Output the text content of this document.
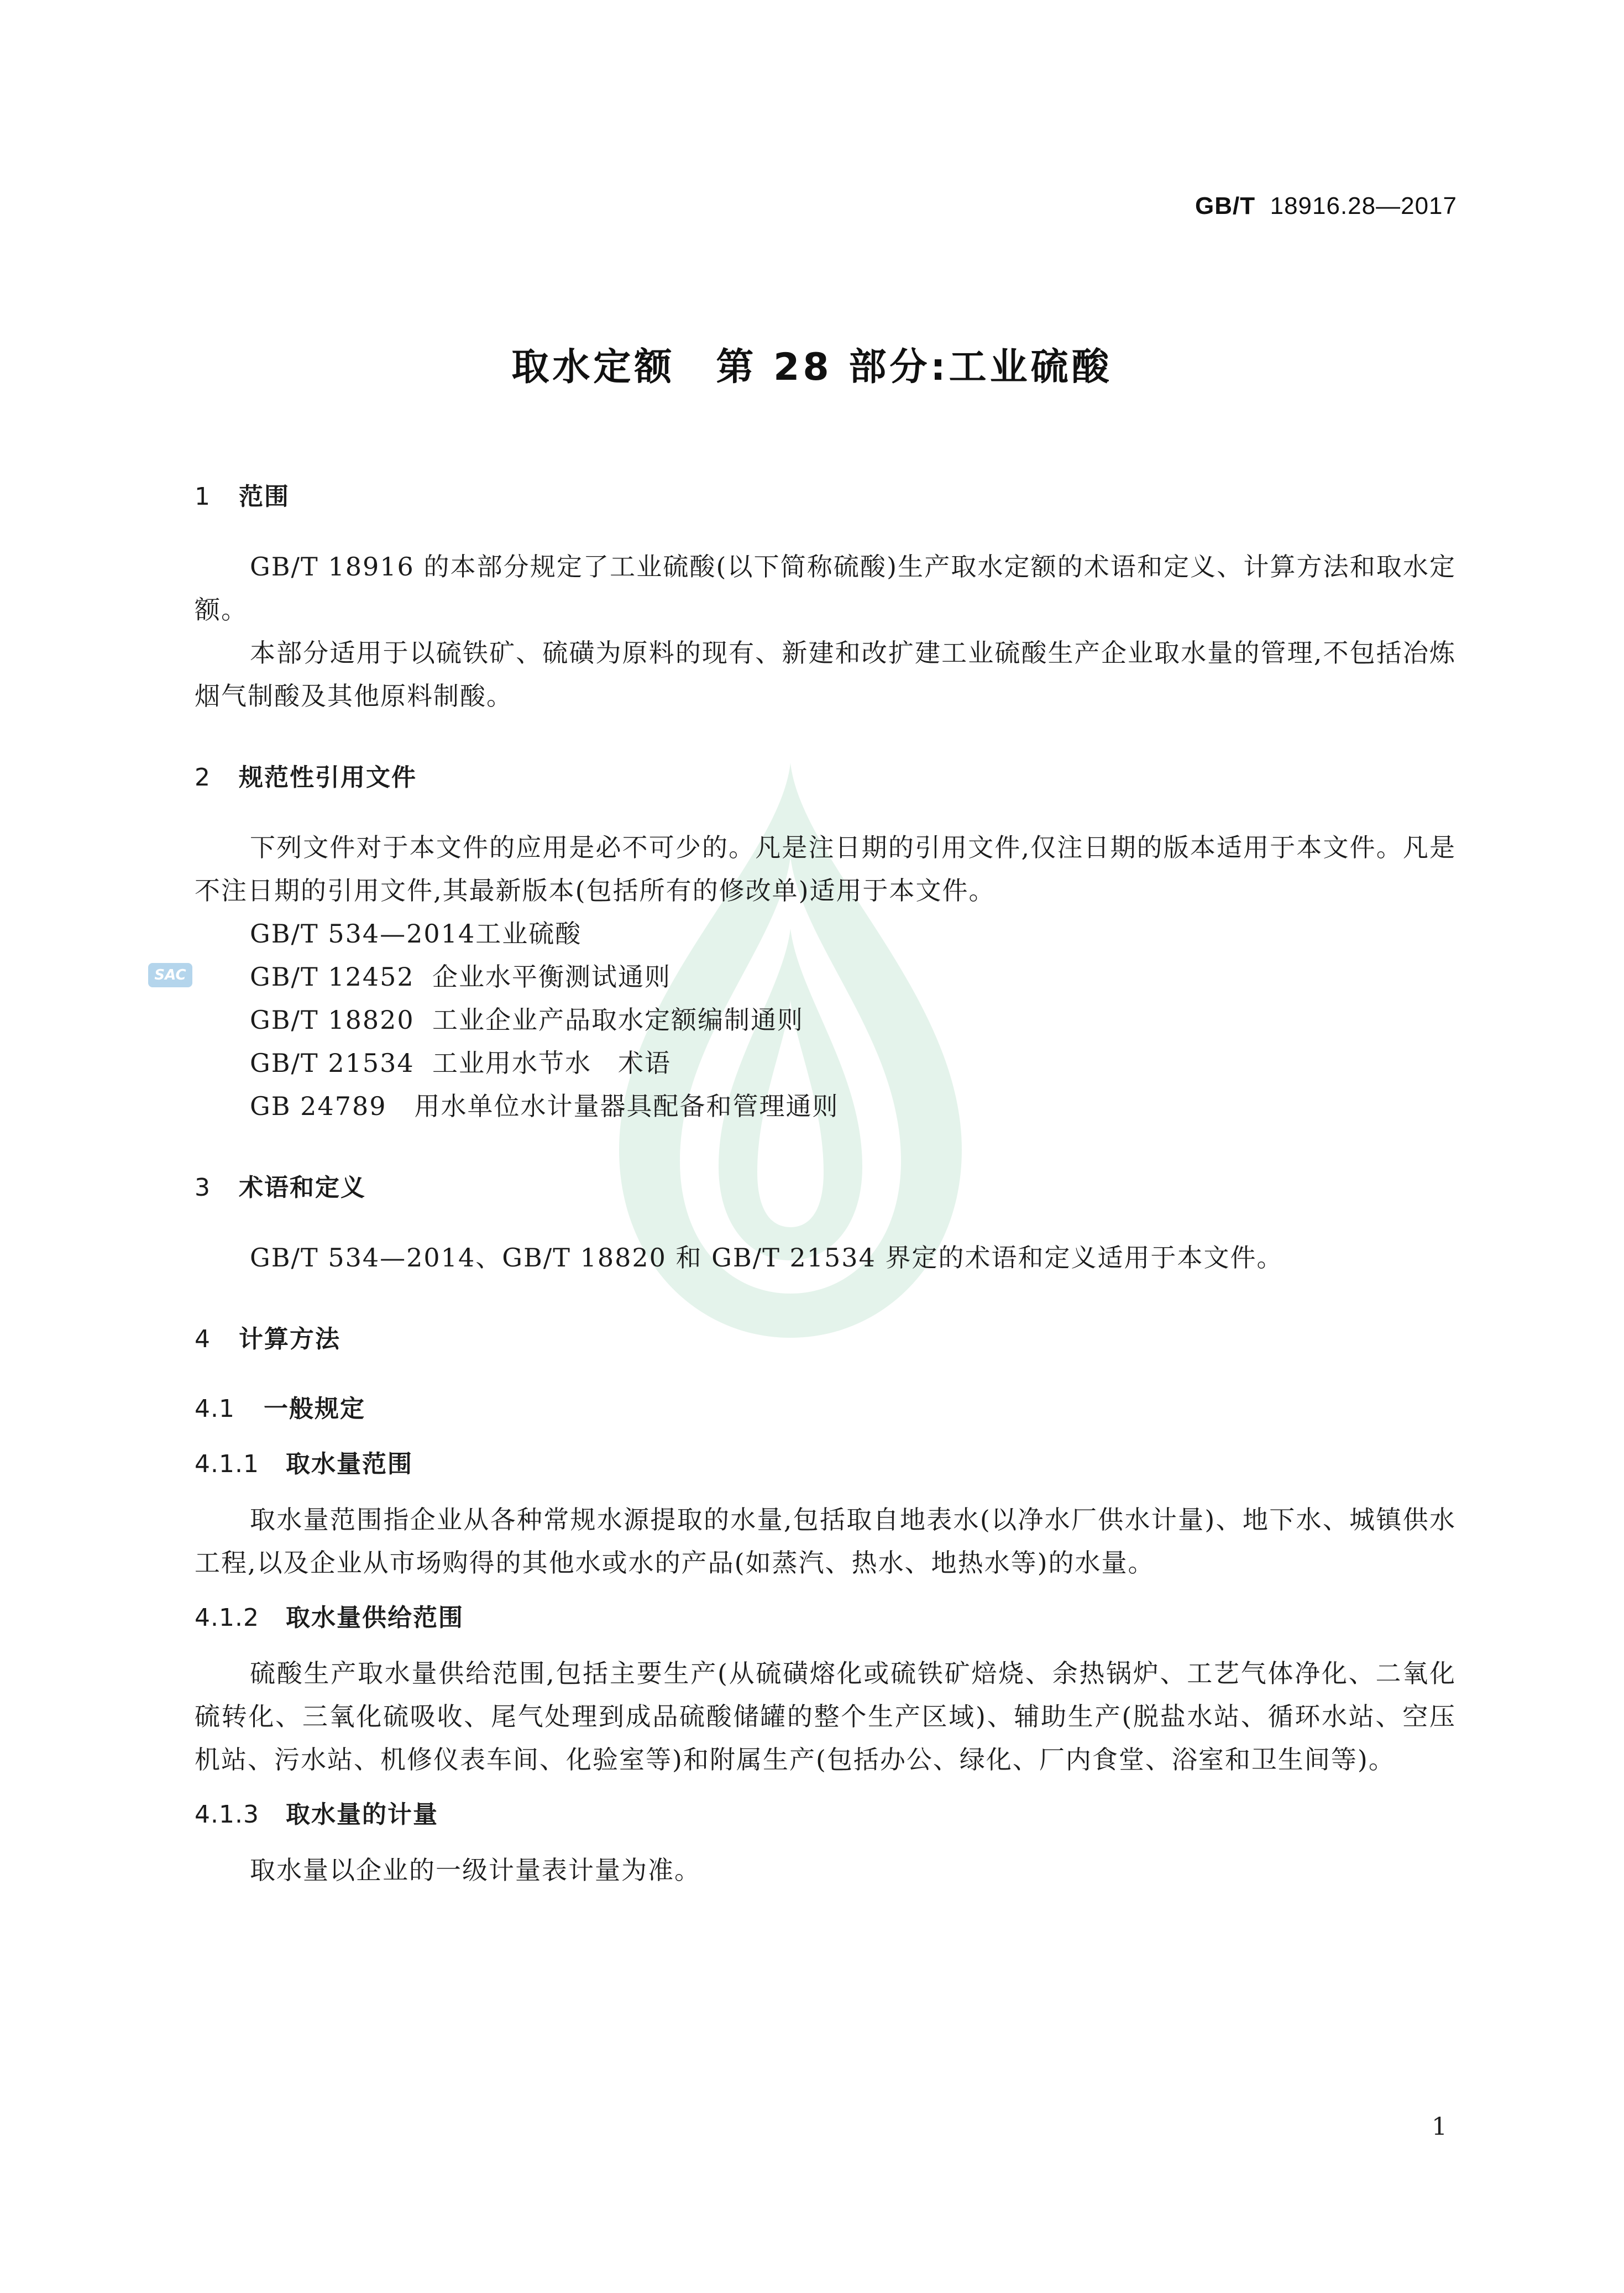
GB/T 18916.28—2017
取水定额　第 28 部分:工业硫酸
SAC

1 范围

GB/T 18916 的本部分规定了工业硫酸(以下简称硫酸)生产取水定额的术语和定义、计算方法和取水定额。

本部分适用于以硫铁矿、硫磺为原料的现有、新建和改扩建工业硫酸生产企业取水量的管理,不包括冶炼烟气制酸及其他原料制酸。

2 规范性引用文件

下列文件对于本文件的应用是必不可少的。凡是注日期的引用文件,仅注日期的版本适用于本文件。凡是不注日期的引用文件,其最新版本(包括所有的修改单)适用于本文件。

GB/T 534—2014工业硫酸

GB/T 12452 企业水平衡测试通则

GB/T 18820 工业企业产品取水定额编制通则

GB/T 21534 工业用水节水　术语

GB 24789 用水单位水计量器具配备和管理通则

3 术语和定义

GB/T 534—2014、GB/T 18820 和 GB/T 21534 界定的术语和定义适用于本文件。

4 计算方法

4.1 一般规定

4.1.1 取水量范围

取水量范围指企业从各种常规水源提取的水量,包括取自地表水(以净水厂供水计量)、地下水、城镇供水工程,以及企业从市场购得的其他水或水的产品(如蒸汽、热水、地热水等)的水量。

4.1.2 取水量供给范围

硫酸生产取水量供给范围,包括主要生产(从硫磺熔化或硫铁矿焙烧、余热锅炉、工艺气体净化、二氧化硫转化、三氧化硫吸收、尾气处理到成品硫酸储罐的整个生产区域)、辅助生产(脱盐水站、循环水站、空压机站、污水站、机修仪表车间、化验室等)和附属生产(包括办公、绿化、厂内食堂、浴室和卫生间等)。

4.1.3 取水量的计量

取水量以企业的一级计量表计量为准。

1
